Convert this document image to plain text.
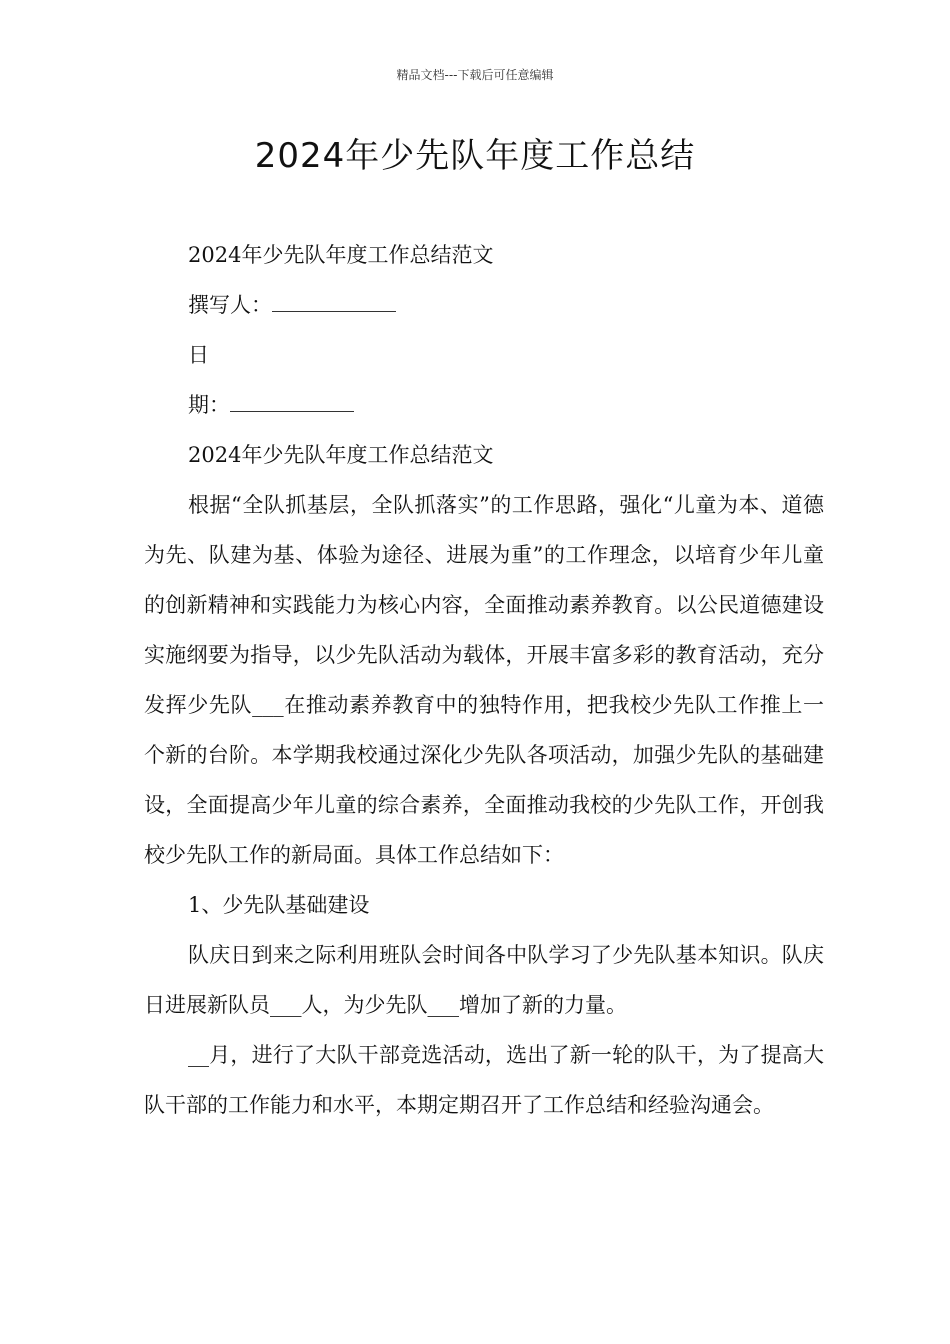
精品文档---下载后可任意编辑
2024年少先队年度工作总结
2024年少先队年度工作总结范文
撰写人：
日
期：
2024年少先队年度工作总结范文

根据“全队抓基层，全队抓落实”的工作思路，强化“儿童为本、道德为先、队建为基、体验为途径、进展为重”的工作理念，以培育少年儿童的创新精神和实践能力为核心内容，全面推动素养教育。以公民道德建设实施纲要为指导，以少先队活动为载体，开展丰富多彩的教育活动，充分发挥少先队___在推动素养教育中的独特作用，把我校少先队工作推上一个新的台阶。本学期我校通过深化少先队各项活动，加强少先队的基础建设，全面提高少年儿童的综合素养，全面推动我校的少先队工作，开创我校少先队工作的新局面。具体工作总结如下：

1、少先队基础建设

队庆日到来之际利用班队会时间各中队学习了少先队基本知识。队庆日进展新队员___人，为少先队___增加了新的力量。

__月，进行了大队干部竞选活动，选出了新一轮的队干，为了提高大队干部的工作能力和水平，本期定期召开了工作总结和经验沟通会。
